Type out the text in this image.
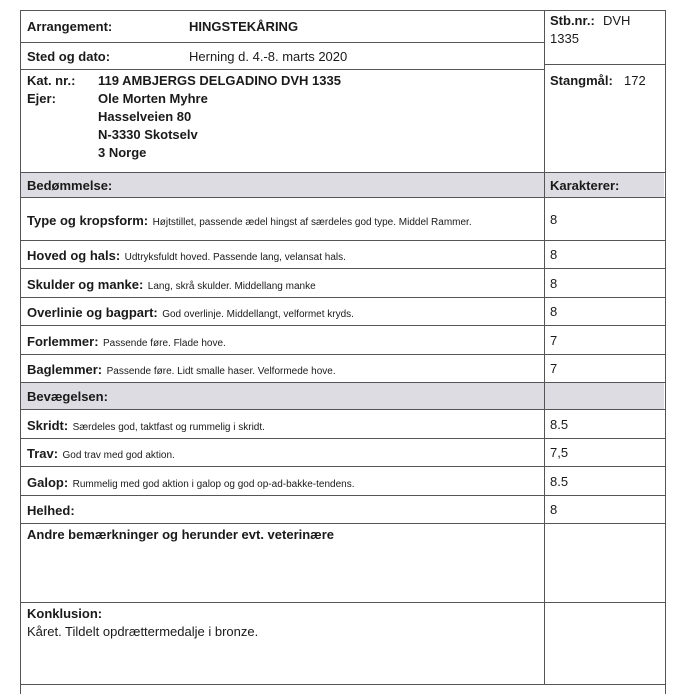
Arrangement:	HINGSTEKÅRING	Stb.nr.: DVH
1335
Sted og dato:	Herning d. 4.-8. marts 2020
Kat. nr.: 119 AMBJERGS DELGADINO DVH 1335
Ejer:	Ole Morten Myhre
Hasselveien 80
N-3330 Skotselv
3 Norge
Stangmål: 172
Bedømmelse:	Karakterer:
Type og kropsform: Højtstillet, passende ædel hingst af særdeles god type. Middel Rammer.	8
Hoved og hals: Udtryksfuldt hoved. Passende lang, velansat hals.	8
Skulder og manke: Lang, skrå skulder. Middellang manke	8
Overlinie og bagpart: God overlinje. Middellangt, velformet kryds.	8
Forlemmer: Passende føre. Flade hove.	7
Baglemmer: Passende føre. Lidt smalle haser. Velformede hove.	7
Bevægelsen:
Skridt: Særdeles god, taktfast og rummelig i skridt.	8.5
Trav: God trav med god aktion.	7,5
Galop: Rummelig med god aktion i galop og god op-ad-bakke-tendens.	8.5
Helhed:	8
Andre bemærkninger og herunder evt. veterinære
Konklusion:
Kåret. Tildelt opdrættermedalje i bronze.
